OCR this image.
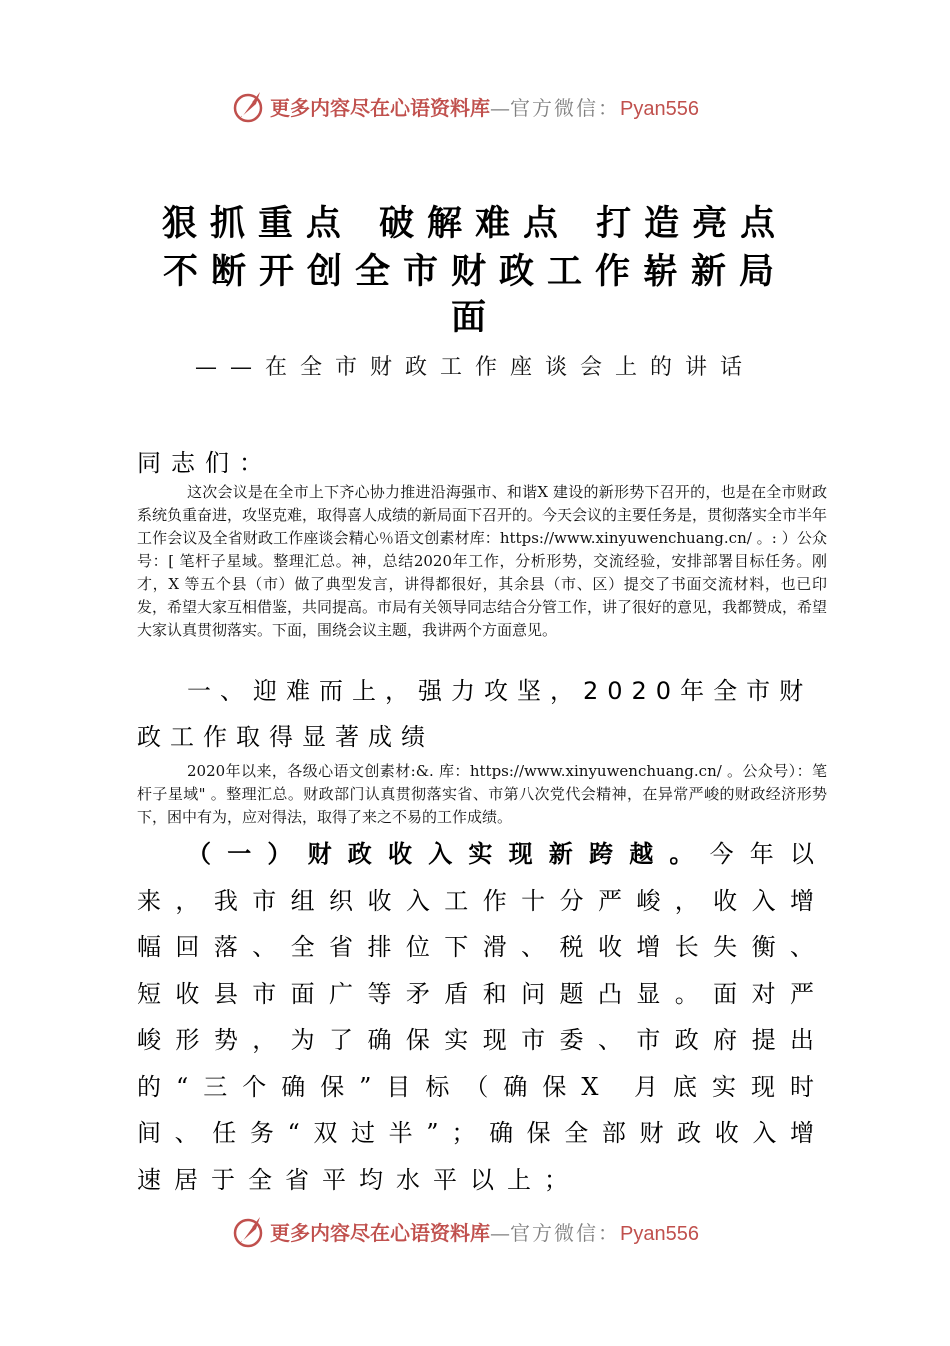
更多内容尽在心语资料库—官方微信：Pyan556
狠抓重点 破解难点 打造亮点
不断开创全市财政工作崭新局
面
——在全市财政工作座谈会上的讲话
同志们：
这次会议是在全市上下齐心协力推进沿海强市、和谐X 建设的新形势下召开的，也是在全市财政系统负重奋进，攻坚克难，取得喜人成绩的新局面下召开的。今天会议的主要任务是，贯彻落实全市半年工作会议及全省财政工作座谈会精心％语文创素材库：https://www.xinyuwenchuang.cn/ 。: ）公众号：[ 笔杆子星域。整理汇总。神，总结2020年工作，分析形势，交流经验，安排部署目标任务。刚才，X 等五个县（市）做了典型发言，讲得都很好，其余县（市、区）提交了书面交流材料，也已印发，希望大家互相借鉴，共同提高。市局有关领导同志结合分管工作，讲了很好的意见，我都赞成，希望大家认真贯彻落实。下面，围绕会议主题，我讲两个方面意见。
一、迎难而上，强力攻坚，2020年全市财政工作取得显著成绩
2020年以来，各级心语文创素材:&. 库：https://www.xinyuwenchuang.cn/ 。公众号）：笔杆子星域" 。整理汇总。财政部门认真贯彻落实省、市第八次党代会精神，在异常严峻的财政经济形势下，困中有为，应对得法，取得了来之不易的工作成绩。
（一）财政收入实现新跨越。今年以来，我市组织收入工作十分严峻，收入增幅回落、全省排位下滑、税收增长失衡、短收县市面广等矛盾和问题凸显。面对严峻形势，为了确保实现市委、市政府提出的“三个确保”目标（确保X 月底实现时间、任务“双过半”；确保全部财政收入增速居于全省平均水平以上；
更多内容尽在心语资料库—官方微信：Pyan556
